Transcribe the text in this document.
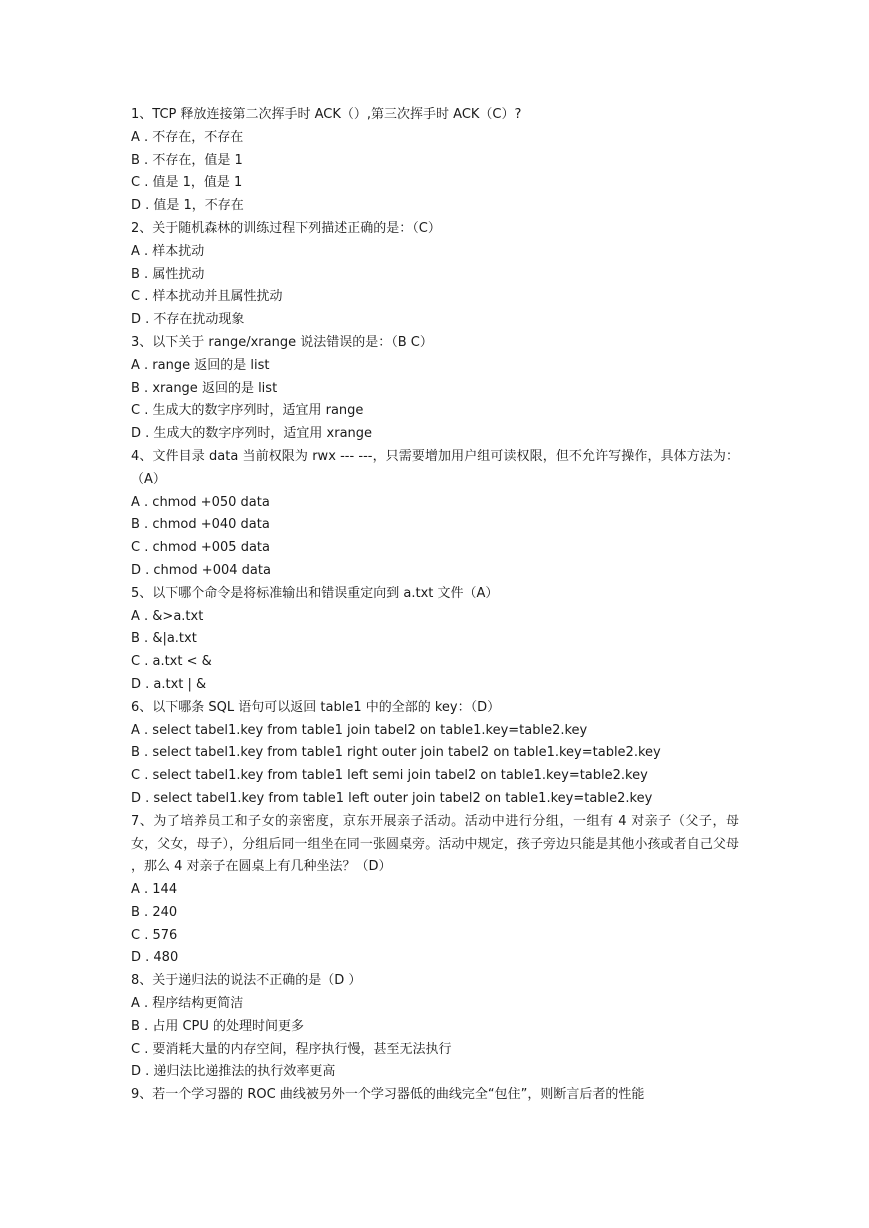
1、TCP 释放连接第二次挥手时 ACK（）,第三次挥手时 ACK（C）?
A . 不存在，不存在
B . 不存在，值是 1
C . 值是 1，值是 1
D . 值是 1，不存在
2、关于随机森林的训练过程下列描述正确的是：（C）
A . 样本扰动
B . 属性扰动
C . 样本扰动并且属性扰动
D . 不存在扰动现象
3、以下关于 range/xrange 说法错误的是：（B C）
A . range 返回的是 list
B . xrange 返回的是 list
C . 生成大的数字序列时，适宜用 range
D . 生成大的数字序列时，适宜用 xrange
4、文件目录 data 当前权限为 rwx --- ---，只需要增加用户组可读权限，但不允许写操作，具体方法为：（A）
A . chmod +050 data
B . chmod +040 data
C . chmod +005 data
D . chmod +004 data
5、以下哪个命令是将标准输出和错误重定向到 a.txt 文件（A）
A . &>a.txt
B . &|a.txt
C . a.txt < &
D . a.txt | &
6、以下哪条 SQL 语句可以返回 table1 中的全部的 key：（D）
A . select tabel1.key from table1 join tabel2 on table1.key=table2.key
B . select tabel1.key from table1 right outer join tabel2 on table1.key=table2.key
C . select tabel1.key from table1 left semi join tabel2 on table1.key=table2.key
D . select tabel1.key from table1 left outer join tabel2 on table1.key=table2.key
7、为了培养员工和子女的亲密度，京东开展亲子活动。活动中进行分组，一组有 4 对亲子（父子，母女，父女，母子），分组后同一组坐在同一张圆桌旁。活动中规定，孩子旁边只能是其他小孩或者自己父母 ，那么 4 对亲子在圆桌上有几种坐法？（D）
A . 144
B . 240
C . 576
D . 480
8、关于递归法的说法不正确的是（D ）
A . 程序结构更简洁
B . 占用 CPU 的处理时间更多
C . 要消耗大量的内存空间，程序执行慢，甚至无法执行
D . 递归法比递推法的执行效率更高
9、若一个学习器的 ROC 曲线被另外一个学习器低的曲线完全“包住”，则断言后者的性能
